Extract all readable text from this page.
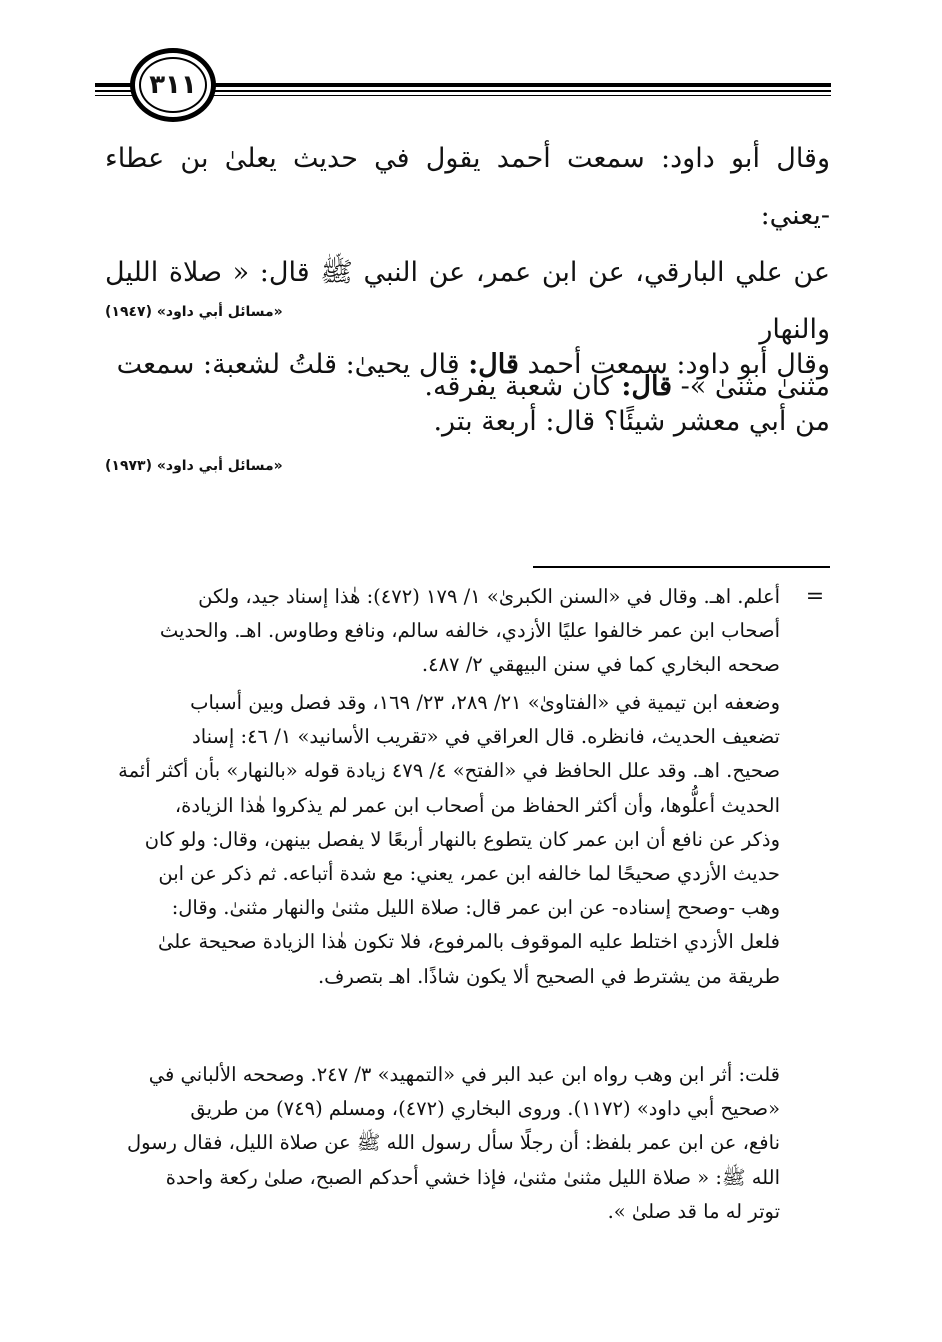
٣١١
وقال أبو داود: سمعت أحمد يقول في حديث يعلىٰ بن عطاء -يعني:
عن علي البارقي، عن ابن عمر، عن النبي ﷺ قال: « صلاة الليل والنهار
مثنىٰ مثنىٰ »- قال: كان شعبة يفرقه.
«مسائل أبي داود» (١٩٤٧)
وقال أبو داود: سمعت أحمد قال: قال يحيىٰ: قلتُ لشعبة: سمعت
من أبي معشر شيئًا؟ قال: أربعة بتر.
«مسائل أبي داود» (١٩٧٣)
=
أعلم. اهـ. وقال في «السنن الكبرىٰ» ١/ ١٧٩ (٤٧٢): هٰذا إسناد جيد، ولكن
أصحاب ابن عمر خالفوا عليًا الأزدي، خالفه سالم، ونافع وطاوس. اهـ. والحديث
صححه البخاري كما في سنن البيهقي ٢/ ٤٨٧.
وضعفه ابن تيمية في «الفتاوىٰ» ٢١/ ٢٨٩، ٢٣/ ١٦٩، وقد فصل وبين أسباب
تضعيف الحديث، فانظره. قال العراقي في «تقريب الأسانيد» ١/ ٤٦: إسناد
صحيح. اهـ. وقد علل الحافظ في «الفتح» ٤/ ٤٧٩ زيادة قوله «بالنهار» بأن أكثر أئمة
الحديث أعلُّوها، وأن أكثر الحفاظ من أصحاب ابن عمر لم يذكروا هٰذا الزيادة،
وذكر عن نافع أن ابن عمر كان يتطوع بالنهار أربعًا لا يفصل بينهن، وقال: ولو كان
حديث الأزدي صحيحًا لما خالفه ابن عمر، يعني: مع شدة أتباعه. ثم ذكر عن ابن
وهب -وصحح إسناده- عن ابن عمر قال: صلاة الليل مثنىٰ والنهار مثنىٰ. وقال:
فلعل الأزدي اختلط عليه الموقوف بالمرفوع، فلا تكون هٰذا الزيادة صحيحة علىٰ
طريقة من يشترط في الصحيح ألا يكون شاذًا. اهـ بتصرف.
قلت: أثر ابن وهب رواه ابن عبد البر في «التمهيد» ٣/ ٢٤٧. وصححه الألباني في
«صحيح أبي داود» (١١٧٢). وروى البخاري (٤٧٢)، ومسلم (٧٤٩) من طريق
نافع، عن ابن عمر بلفظ: أن رجلًا سأل رسول الله ﷺ عن صلاة الليل، فقال رسول
الله ﷺ: « صلاة الليل مثنىٰ مثنىٰ، فإذا خشي أحدكم الصبح، صلىٰ ركعة واحدة
توتر له ما قد صلىٰ ».
